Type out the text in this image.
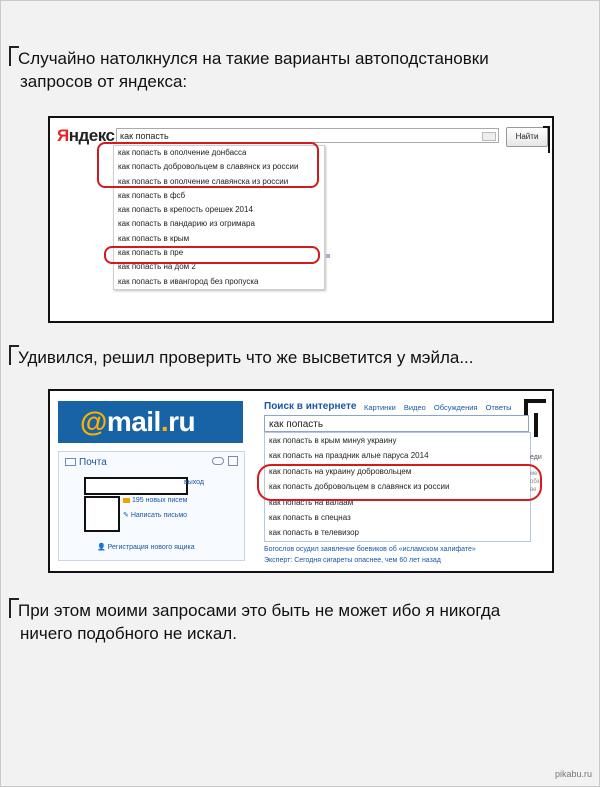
Случайно натолкнулся на такие варианты автоподстановки
запросов от яндекса:
Яндекс как попасть	Найти
как попасть в ополчение донбасса
как попасть добровольцем в славянск из россии
как попасть в ополчение славянска из россии
как попасть в фсб
как попасть в крепость орешек 2014
как попасть в пандарию из огримара
как попасть в крым
как попасть в пре
как попасть на дом 2
как попасть в ивангород без пропуска
Удивился, решил проверить что же высветится у мэйла...
@mail.ru
Почта
выход
195 новых писем
✎ Написать письмо
👤 Регистрация нового ящика
Поиск в интернете Картинки Видео Обсуждения Ответы
как попасть
как попасть в крым минуя украину
как попасть на праздник алые паруса 2014
как попасть на украину добровольцем
как попасть добровольцем в славянск из россии
как попасть на валаам
как попасть в спецназ
как попасть в телевизор
еди
ме
обз
ве
Богослов осудил заявление боевиков об «исламском халифате»
Эксперт: Сегодня сигареты опаснее, чем 60 лет назад
При этом моими запросами это быть не может ибо я никогда
ничего подобного не искал.
pikabu.ru
